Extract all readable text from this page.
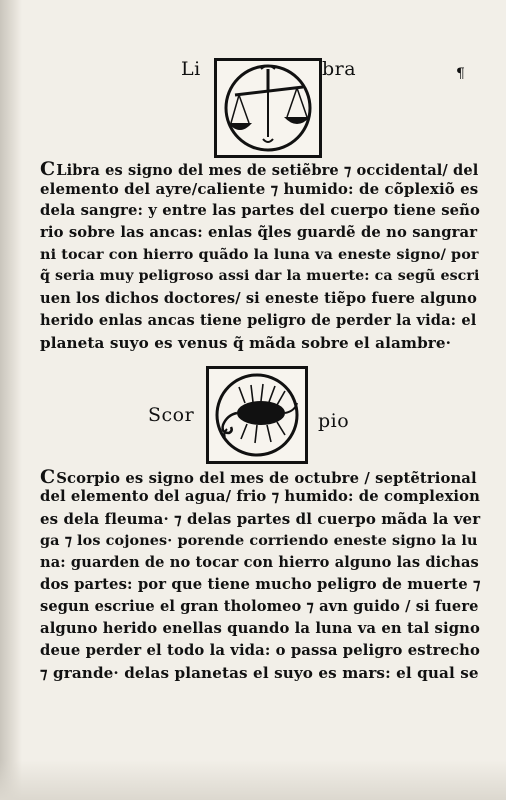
Li	bra	¶
CLibra es signo del mes de setiẽbre ⁊ occidental/ del
elemento del ayre/caliente ⁊ humido: de cõplexiõ es
dela sangre: y entre las partes del cuerpo tiene seño
rio sobre las ancas: enlas q̃les guardẽ de no sangrar
ni tocar con hierro quãdo la luna va eneste signo/ por
q̃ seria muy peligroso assi dar la muerte: ca segũ escri
uen los dichos doctores/ si eneste tiẽpo fuere alguno
herido enlas ancas tiene peligro de perder la vida: el
planeta suyo es venus q̃ mãda sobre el alambre·
Scor	pio
CScorpio es signo del mes de octubre / septẽtrional
del elemento del agua/ frio ⁊ humido: de complexion
es dela fleuma· ⁊ delas partes dl cuerpo mãda la ver
ga ⁊ los cojones· porende corriendo eneste signo la lu
na: guarden de no tocar con hierro alguno las dichas
dos partes: por que tiene mucho peligro de muerte ⁊
segun escriue el gran tholomeo ⁊ avn guido / si fuere
alguno herido enellas quando la luna va en tal signo
deue perder el todo la vida: o passa peligro estrecho
⁊ grande· delas planetas el suyo es mars: el qual se
